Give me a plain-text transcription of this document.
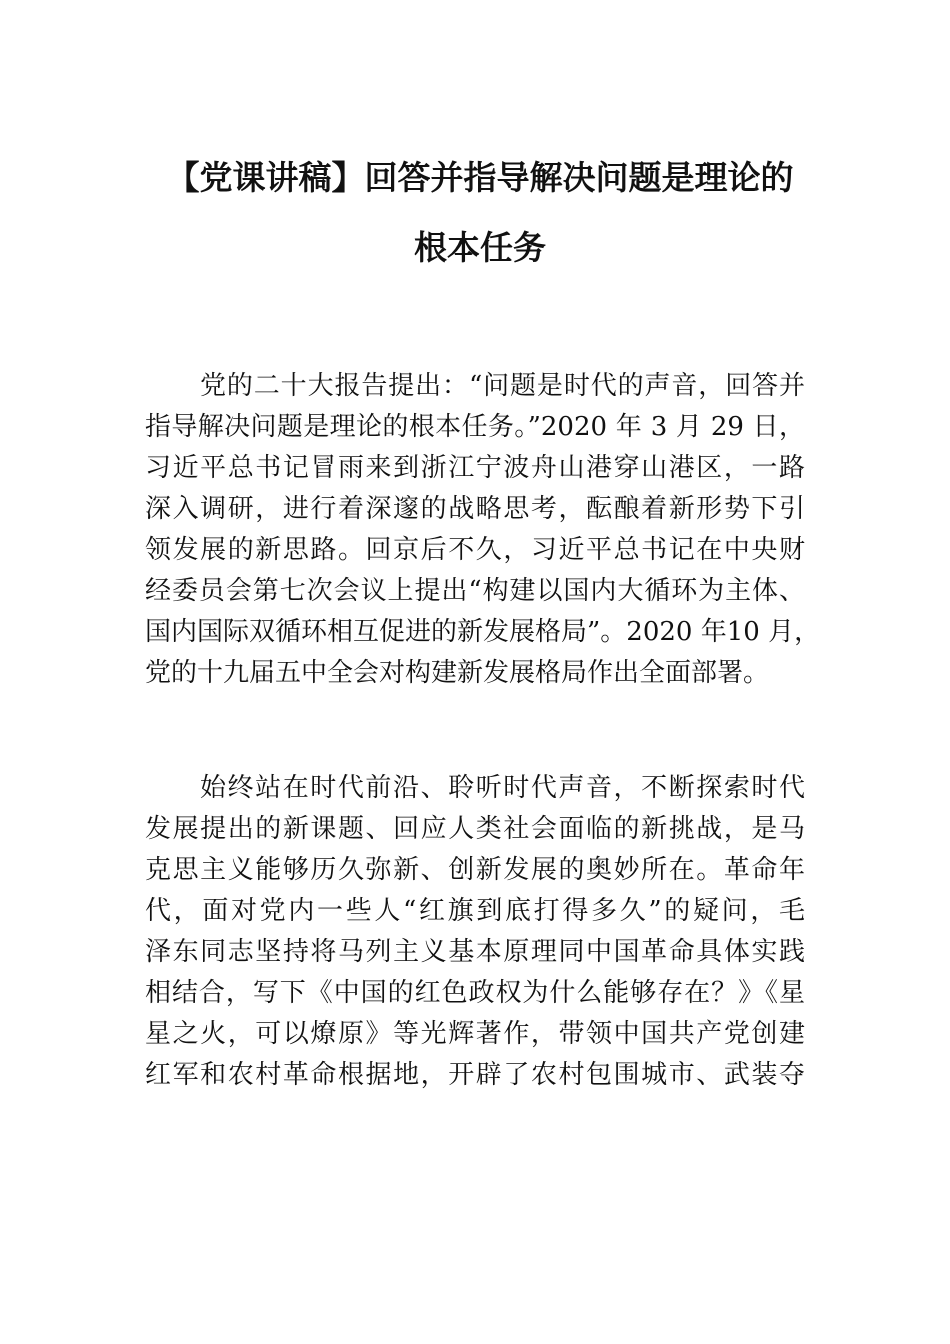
【党课讲稿】回答并指导解决问题是理论的
根本任务
党的二十大报告提出：“问题是时代的声音，回答并
指导解决问题是理论的根本任务。”2020 年 3 月 29 日，
习近平总书记冒雨来到浙江宁波舟山港穿山港区，一路
深入调研，进行着深邃的战略思考，酝酿着新形势下引
领发展的新思路。回京后不久，习近平总书记在中央财
经委员会第七次会议上提出“构建以国内大循环为主体、
国内国际双循环相互促进的新发展格局”。2020 年10 月，
党的十九届五中全会对构建新发展格局作出全面部署。
始终站在时代前沿、聆听时代声音，不断探索时代
发展提出的新课题、回应人类社会面临的新挑战，是马
克思主义能够历久弥新、创新发展的奥妙所在。革命年
代，面对党内一些人“红旗到底打得多久”的疑问，毛
泽东同志坚持将马列主义基本原理同中国革命具体实践
相结合，写下《中国的红色政权为什么能够存在？》《星
星之火，可以燎原》等光辉著作，带领中国共产党创建
红军和农村革命根据地，开辟了农村包围城市、武装夺
